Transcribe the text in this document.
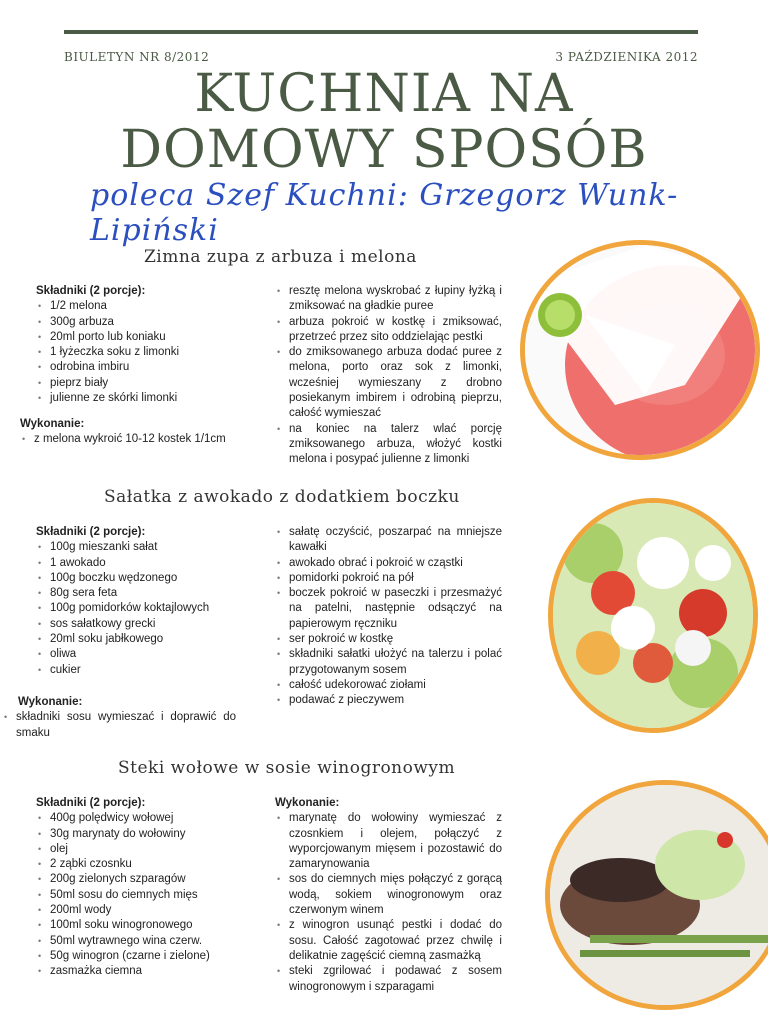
BIULETYN NR 8/2012	3 PAŹDZIENIKA 2012
KUCHNIA NA
DOMOWY SPOSÓB
poleca Szef Kuchni: Grzegorz Wunk-Lipiński
Zimna zupa z arbuza i melona
Składniki (2 porcje):
• 1/2 melona
• 300g arbuza
• 20ml porto lub koniaku
• 1 łyżeczka soku z limonki
• odrobina imbiru
• pieprz biały
• julienne ze skórki limonki
Wykonanie:
• z melona wykroić 10-12 kostek 1/1cm
• resztę melona wyskrobać z łupiny łyżką i zmiksować na gładkie puree
• arbuza pokroić w kostkę i zmiksować, przetrzeć przez sito oddzielając pestki
• do zmiksowanego arbuza dodać puree z melona, porto oraz sok z limonki, wcześniej wymieszany z drobno posiekanym imbirem i odrobiną pieprzu, całość wymieszać
• na koniec na talerz wlać porcję zmiksowanego arbuza, włożyć kostki melona i posypać julienne z limonki
Sałatka z awokado z dodatkiem boczku
Składniki (2 porcje):
• 100g mieszanki sałat
• 1 awokado
• 100g boczku wędzonego
• 80g sera feta
• 100g pomidorków koktajlowych
• sos sałatkowy grecki
• 20ml soku jabłkowego
• oliwa
• cukier
Wykonanie:
• składniki sosu wymieszać i doprawić do smaku
• sałatę oczyścić, poszarpać na mniejsze kawałki
• awokado obrać i pokroić w cząstki
• pomidorki pokroić na pół
• boczek pokroić w paseczki i przesmażyć na patelni, następnie odsączyć na papierowym ręczniku
• ser pokroić w kostkę
• składniki sałatki ułożyć na talerzu i polać przygotowanym sosem
• całość udekorować ziołami
• podawać z pieczywem
Steki wołowe w sosie winogronowym
Składniki (2 porcje):
• 400g polędwicy wołowej
• 30g marynaty do wołowiny
• olej
• 2 ząbki czosnku
• 200g zielonych szparagów
• 50ml sosu do ciemnych mięs
• 200ml wody
• 100ml soku winogronowego
• 50ml wytrawnego wina czerw.
• 50g winogron (czarne i zielone)
• zasmażka ciemna
Wykonanie:
• marynatę do wołowiny wymieszać z czosnkiem i olejem, połączyć z wyporcjowanym mięsem i pozostawić do zamarynowania
• sos do ciemnych mięs połączyć z gorącą wodą, sokiem winogronowym oraz czerwonym winem
• z winogron usunąć pestki i dodać do sosu. Całość zagotować przez chwilę i delikatnie zagęścić ciemną zasmażką
• steki zgrilować i podawać z sosem winogronowym i szparagami
